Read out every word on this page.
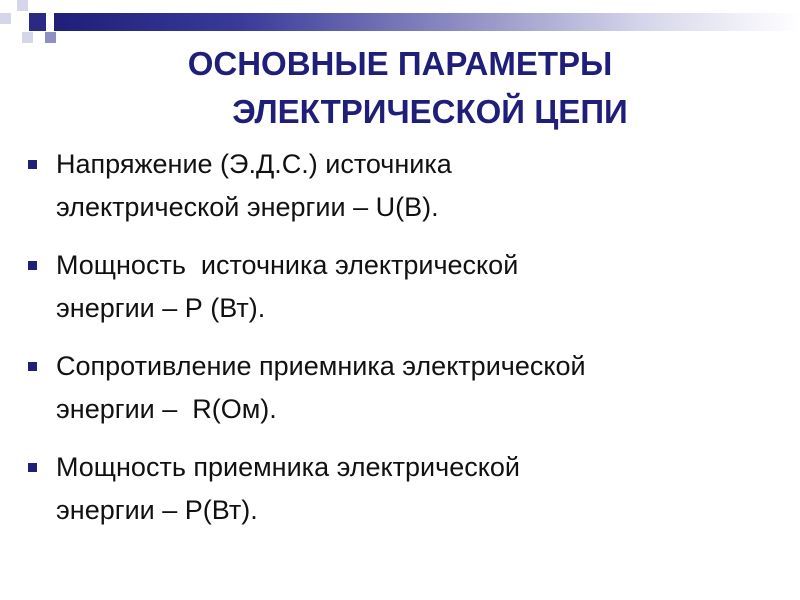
ОСНОВНЫЕ ПАРАМЕТРЫ
ЭЛЕКТРИЧЕСКОЙ ЦЕПИ
Напряжение (Э.Д.С.) источника
электрической энергии – U(В).
Мощность  источника электрической
энергии – Р (Вт).
Сопротивление приемника электрической
энергии –  R(Ом).
Мощность приемника электрической
энергии – Р(Вт).
